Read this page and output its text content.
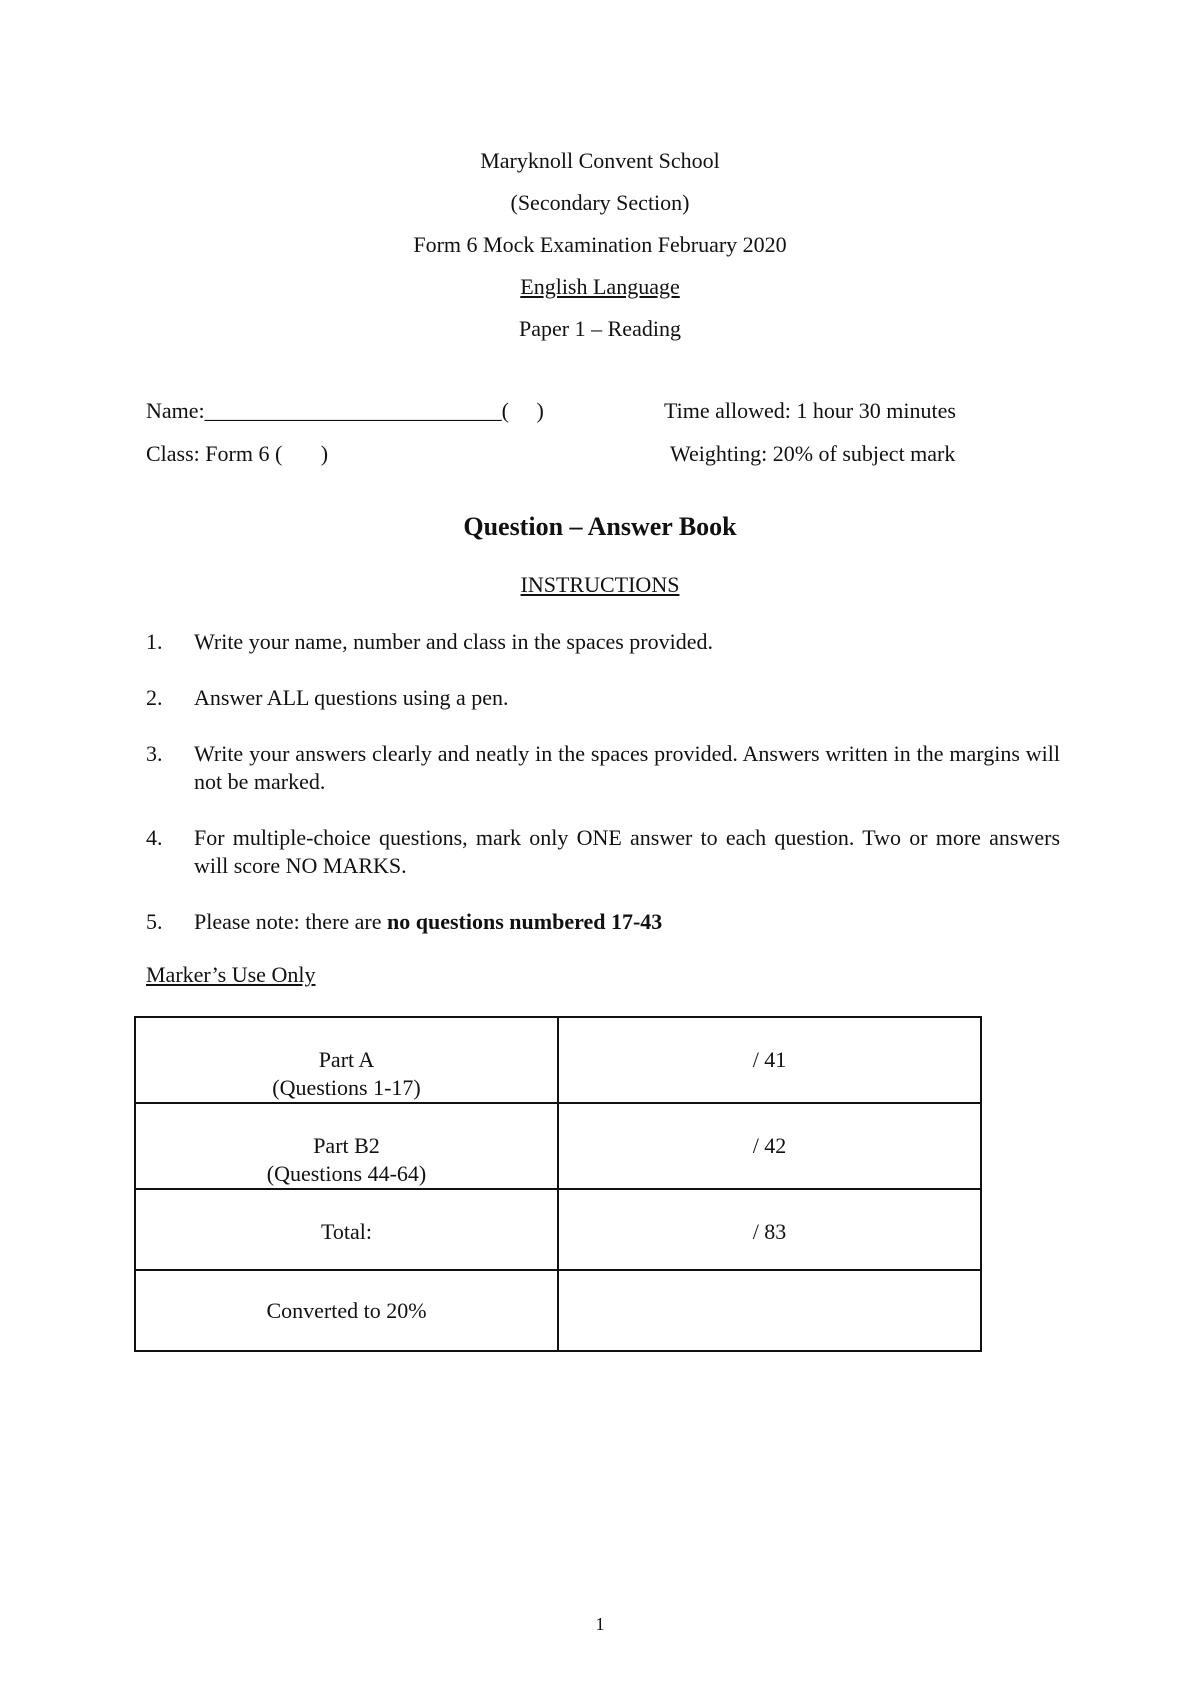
Maryknoll Convent School
(Secondary Section)
Form 6 Mock Examination February 2020
English Language
Paper 1 – Reading
Name:___________________________(     )	Time allowed: 1 hour 30 minutes
Class: Form 6 (       )	Weighting: 20% of subject mark
Question – Answer Book
INSTRUCTIONS
1.	Write your name, number and class in the spaces provided.
2.	Answer ALL questions using a pen.
3.	Write your answers clearly and neatly in the spaces provided. Answers written in the margins will not be marked.
4.	For multiple-choice questions, mark only ONE answer to each question. Two or more answers will score NO MARKS.
5.	Please note: there are no questions numbered 17-43
Marker’s Use Only
Part A
(Questions 1-17)	/ 41

Part B2
(Questions 44-64)	/ 42

Total:	/ 83

Converted to 20%	

1
